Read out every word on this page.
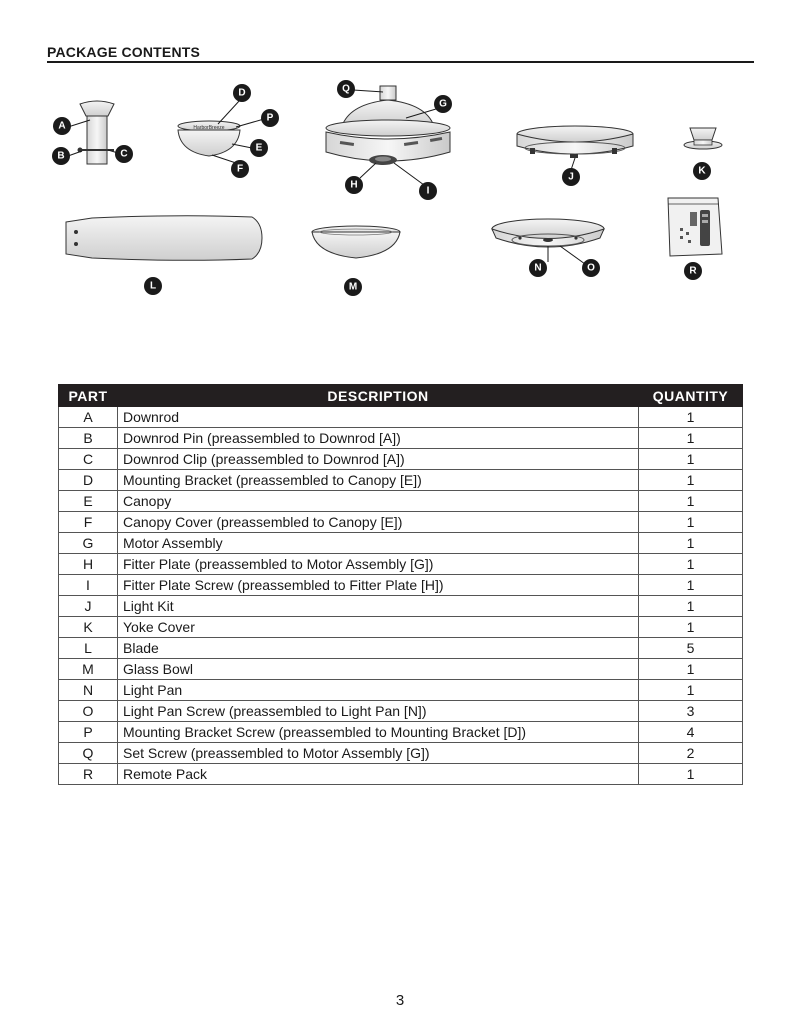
PACKAGE CONTENTS
HarborBreeze
A
B	C
D
P
E
F
Q
G
H
I
J
K
L	M
N	O	R
PART	DESCRIPTION	QUANTITY
A	Downrod	1
B	Downrod Pin (preassembled to Downrod [A])	1
C	Downrod Clip (preassembled to Downrod [A])	1
D	Mounting Bracket (preassembled to Canopy [E])	1
E	Canopy	1
F	Canopy Cover (preassembled to Canopy [E])	1
G	Motor Assembly	1
H	Fitter Plate (preassembled to Motor Assembly [G])	1
I	Fitter Plate Screw (preassembled to Fitter Plate [H])	1
J	Light Kit	1
K	Yoke Cover	1
L	Blade	5
M	Glass Bowl	1
N	Light Pan	1
O	Light Pan Screw (preassembled to Light Pan [N])	3
P	Mounting Bracket Screw (preassembled to Mounting Bracket [D])	4
Q	Set Screw (preassembled to Motor Assembly [G])	2
R	Remote Pack	1
3
